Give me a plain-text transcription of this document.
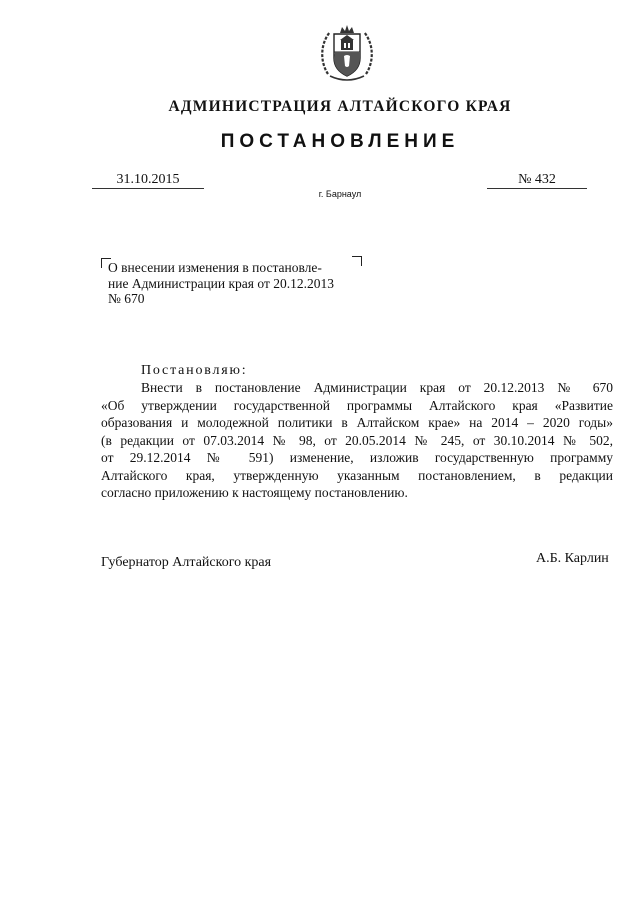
АДМИНИСТРАЦИЯ АЛТАЙСКОГО КРАЯ
ПОСТАНОВЛЕНИЕ
31.10.2015	№ 432
г. Барнаул
О внесении изменения в постановле-
ние Администрации края от 20.12.2013
№ 670
Постановляю:
Внести в постановление Администрации края от 20.12.2013 № 670
«Об утверждении государственной программы Алтайского края «Развитие
образования и молодежной политики в Алтайском крае» на 2014 – 2020 годы»
(в редакции от 07.03.2014 № 98, от 20.05.2014 № 245, от 30.10.2014 № 502,
от 29.12.2014 № 591) изменение, изложив государственную программу
Алтайского края, утвержденную указанным постановлением, в редакции
согласно приложению к настоящему постановлению.
Губернатор Алтайского края	А.Б. Карлин
